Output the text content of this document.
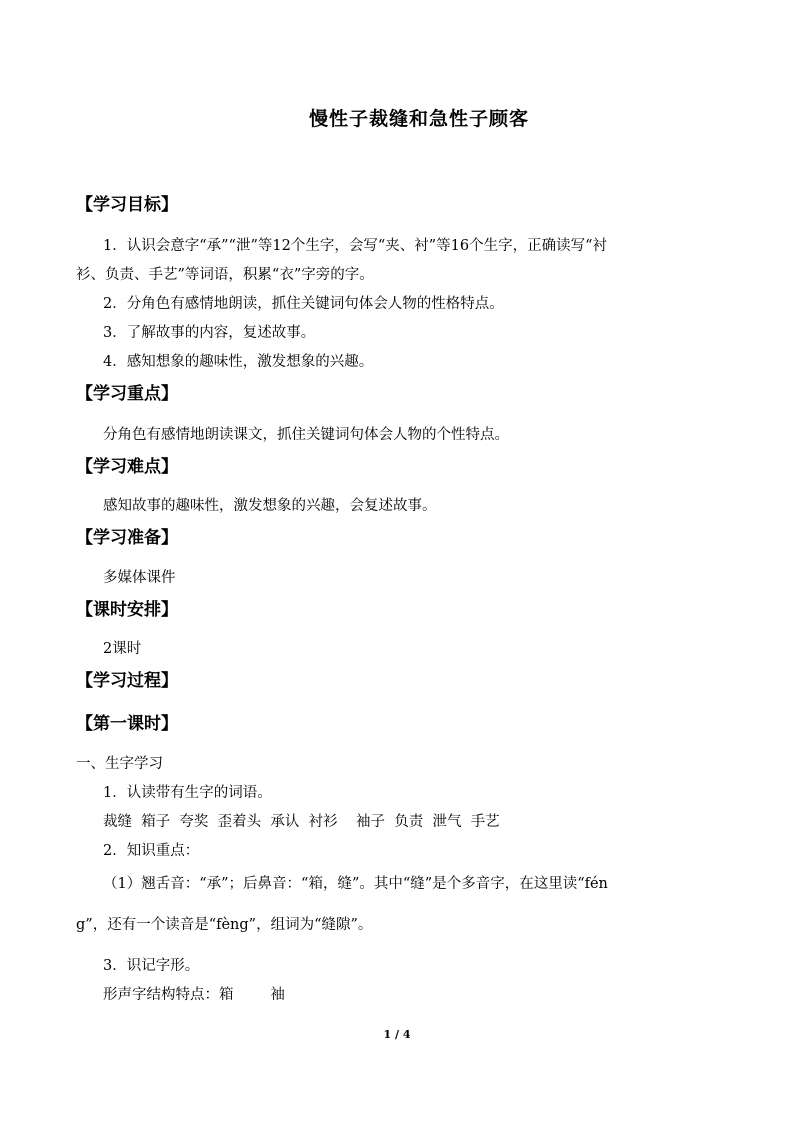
慢性子裁缝和急性子顾客
【学习目标】
1．认识会意字“承”“泄”等12个生字，会写“夹、衬”等16个生字，正确读写“衬
衫、负责、手艺”等词语，积累“衣”字旁的字。
2．分角色有感情地朗读，抓住关键词句体会人物的性格特点。
3．了解故事的内容，复述故事。
4．感知想象的趣味性，激发想象的兴趣。
【学习重点】
分角色有感情地朗读课文，抓住关键词句体会人物的个性特点。
【学习难点】
感知故事的趣味性，激发想象的兴趣，会复述故事。
【学习准备】
多媒体课件
【课时安排】
2课时
【学习过程】
【第一课时】
一、生字学习
1．认读带有生字的词语。
裁缝  箱子  夸奖  歪着头  承认  衬衫    袖子  负责  泄气  手艺
2．知识重点：
（1）翘舌音：“承”；后鼻音：“箱，缝”。其中“缝”是个多音字，在这里读“fén
g”，还有一个读音是“fèng”，组词为“缝隙”。
3．识记字形。
形声字结构特点：箱        袖
1 / 4
